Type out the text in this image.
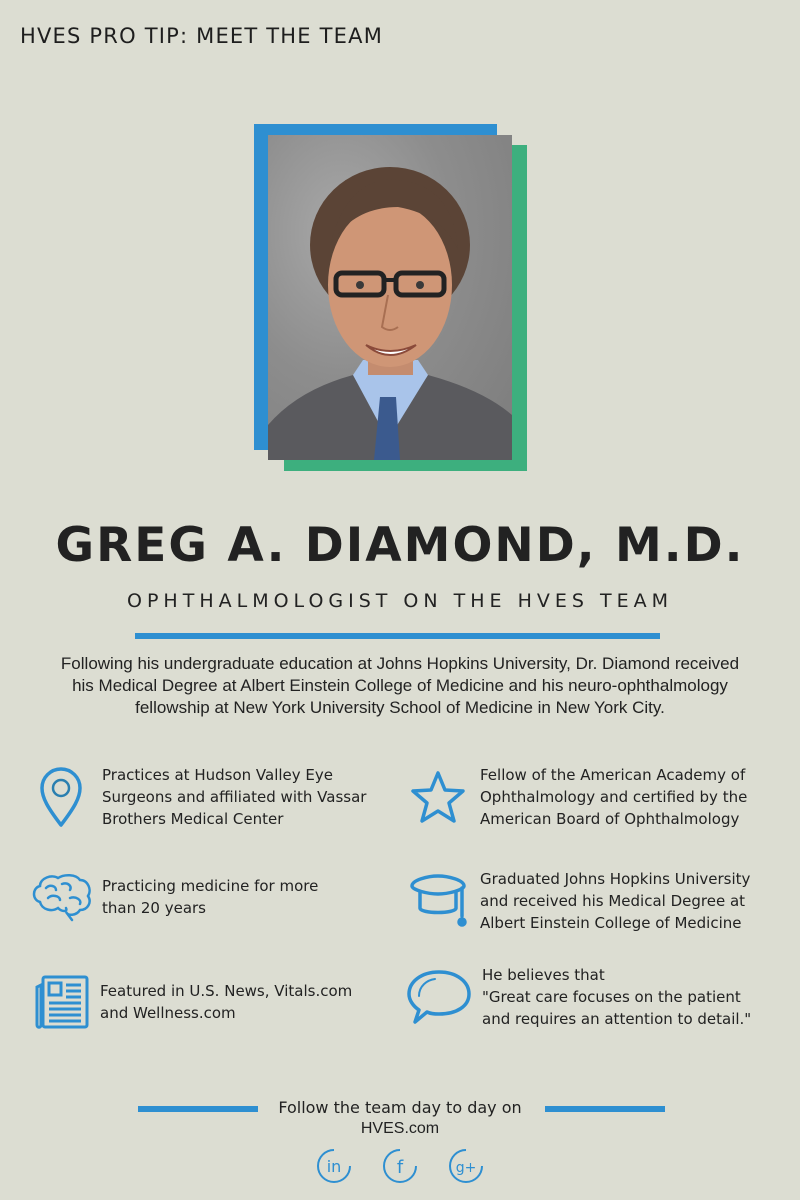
HVES PRO TIP: MEET THE TEAM
GREG A. DIAMOND, M.D.
OPHTHALMOLOGIST ON THE HVES TEAM
Following his undergraduate education at Johns Hopkins University, Dr. Diamond received
his Medical Degree at Albert Einstein College of Medicine and his neuro-ophthalmology
fellowship at New York University School of Medicine in New York City.
Practices at Hudson Valley Eye
Surgeons and affiliated with Vassar
Brothers Medical Center
Fellow of the American Academy of
Ophthalmology and certified by the
American Board of Ophthalmology
Practicing medicine for more
than 20 years
Graduated Johns Hopkins University
and received his Medical Degree at
Albert Einstein College of Medicine
Featured in U.S. News, Vitals.com
and Wellness.com
He believes that
"Great care focuses on the patient
and requires an attention to detail."
Follow the team day to day on
HVES.com
in	f	g+
